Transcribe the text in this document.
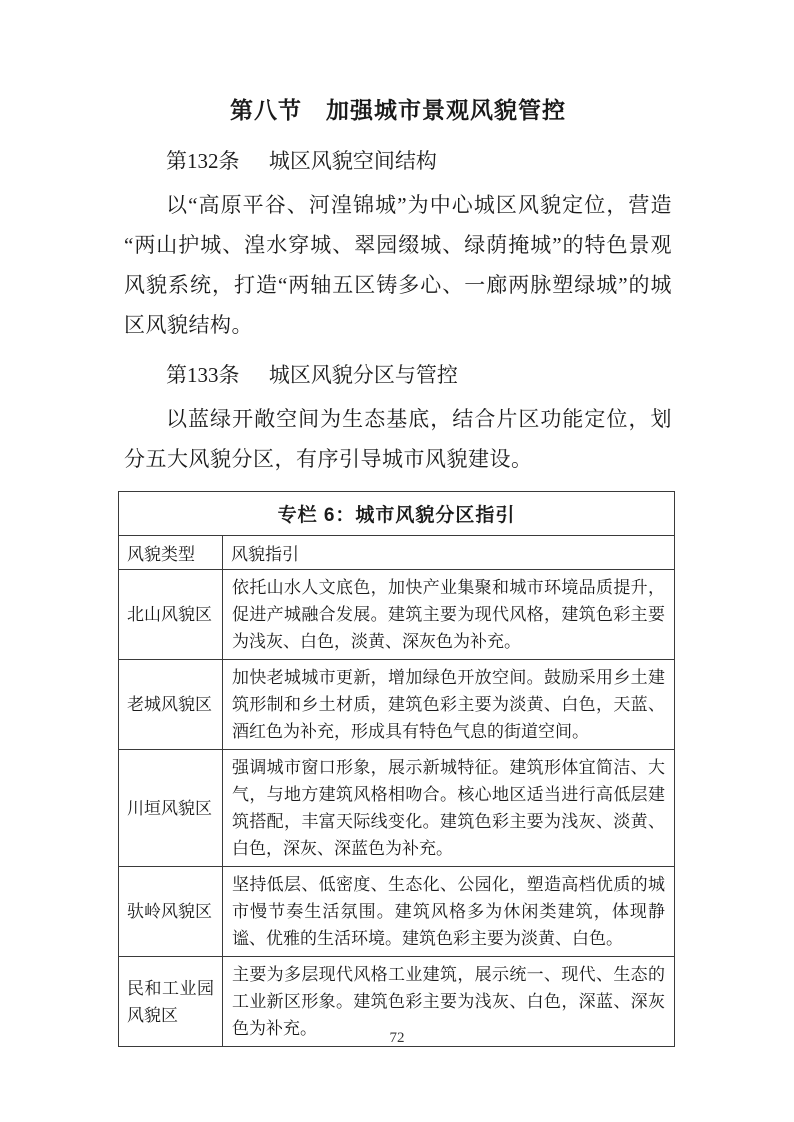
第八节　加强城市景观风貌管控
第132条 城区风貌空间结构

以“高原平谷、河湟锦城”为中心城区风貌定位，营造“两山护城、湟水穿城、翠园缀城、绿荫掩城”的特色景观风貌系统，打造“两轴五区铸多心、一廊两脉塑绿城”的城区风貌结构。

第133条 城区风貌分区与管控

以蓝绿开敞空间为生态基底，结合片区功能定位，划分五大风貌分区，有序引导城市风貌建设。

专栏 6：城市风貌分区指引	
风貌类型	风貌指引
北山风貌区	依托山水人文底色，加快产业集聚和城市环境品质提升，促进产城融合发展。建筑主要为现代风格，建筑色彩主要为浅灰、白色，淡黄、深灰色为补充。
老城风貌区	加快老城城市更新，增加绿色开放空间。鼓励采用乡土建筑形制和乡土材质，建筑色彩主要为淡黄、白色，天蓝、酒红色为补充，形成具有特色气息的街道空间。
川垣风貌区	强调城市窗口形象，展示新城特征。建筑形体宜简洁、大气，与地方建筑风格相吻合。核心地区适当进行高低层建筑搭配，丰富天际线变化。建筑色彩主要为浅灰、淡黄、白色，深灰、深蓝色为补充。
驮岭风貌区	坚持低层、低密度、生态化、公园化，塑造高档优质的城市慢节奏生活氛围。建筑风格多为休闲类建筑，体现静谧、优雅的生活环境。建筑色彩主要为淡黄、白色。
民和工业园风貌区	主要为多层现代风格工业建筑，展示统一、现代、生态的工业新区形象。建筑色彩主要为浅灰、白色，深蓝、深灰色为补充。	72
